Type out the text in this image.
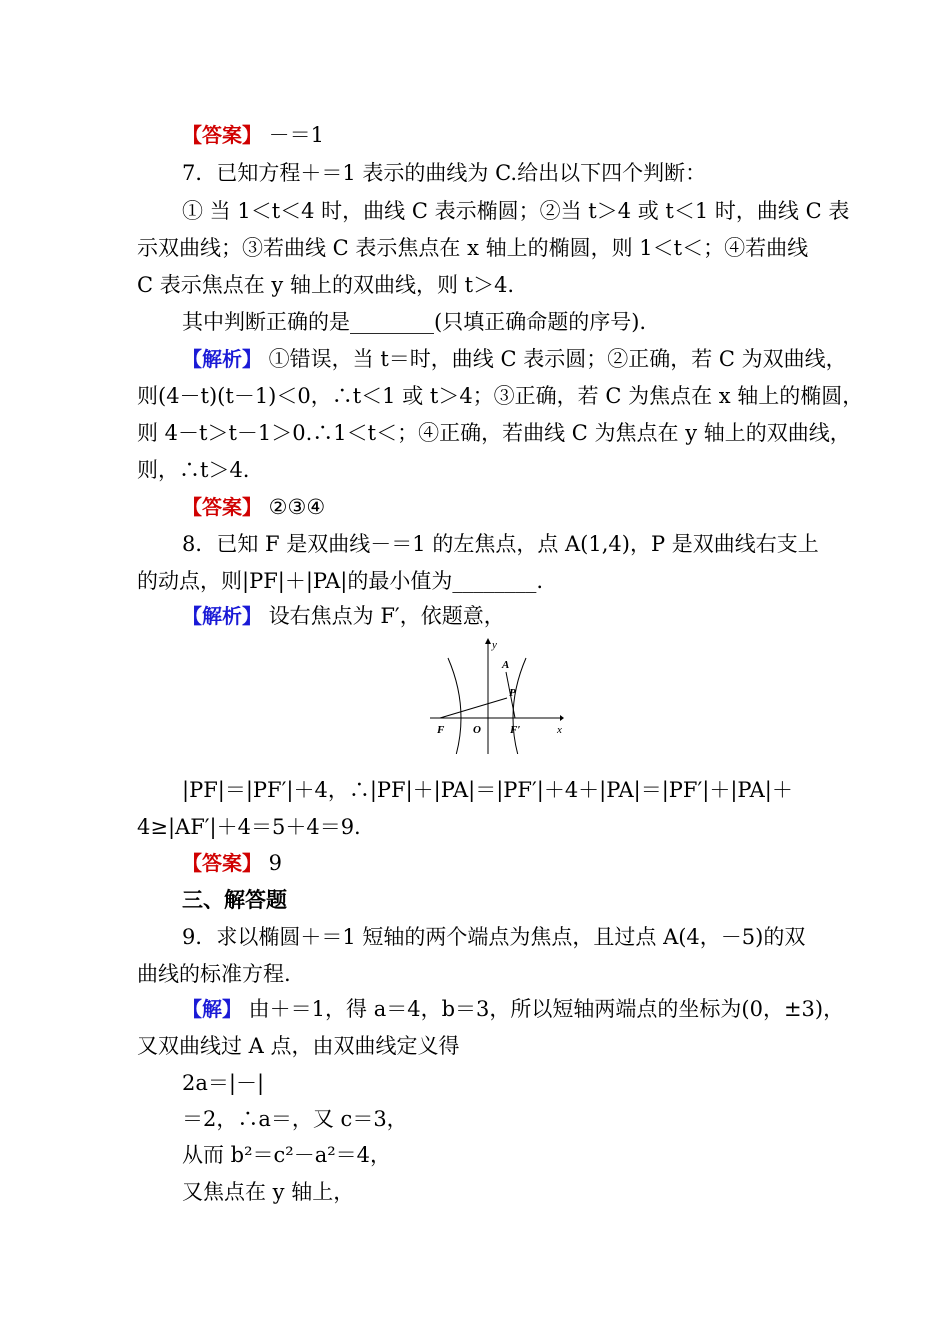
【答案】 －＝1
7．已知方程＋＝1 表示的曲线为 C.给出以下四个判断：
① 当 1＜t＜4 时，曲线 C 表示椭圆；②当 t＞4 或 t＜1 时，曲线 C 表
示双曲线；③若曲线 C 表示焦点在 x 轴上的椭圆，则 1＜t＜；④若曲线
C 表示焦点在 y 轴上的双曲线，则 t＞4.
其中判断正确的是________(只填正确命题的序号).
【解析】 ①错误，当 t＝时，曲线 C 表示圆；②正确，若 C 为双曲线，
则(4－t)(t－1)＜0，∴t＜1 或 t＞4；③正确，若 C 为焦点在 x 轴上的椭圆，
则 4－t＞t－1＞0.∴1＜t＜；④正确，若曲线 C 为焦点在 y 轴上的双曲线，
则，∴t＞4.
【答案】 ②③④
8．已知 F 是双曲线－＝1 的左焦点，点 A(1,4)，P 是双曲线右支上
的动点，则|PF|＋|PA|的最小值为________.
【解析】 设右焦点为 F′，依题意，
y
x
A
P
F	O	F′
|PF|＝|PF′|＋4，∴|PF|＋|PA|＝|PF′|＋4＋|PA|＝|PF′|＋|PA|＋
4≥|AF′|＋4＝5＋4＝9.
【答案】 9
三、解答题
9．求以椭圆＋＝1 短轴的两个端点为焦点，且过点 A(4，－5)的双
曲线的标准方程.
【解】 由＋＝1，得 a＝4，b＝3，所以短轴两端点的坐标为(0，±3)，
又双曲线过 A 点，由双曲线定义得
2a＝|－|
＝2，∴a＝，又 c＝3，
从而 b²＝c²－a²＝4，
又焦点在 y 轴上，
